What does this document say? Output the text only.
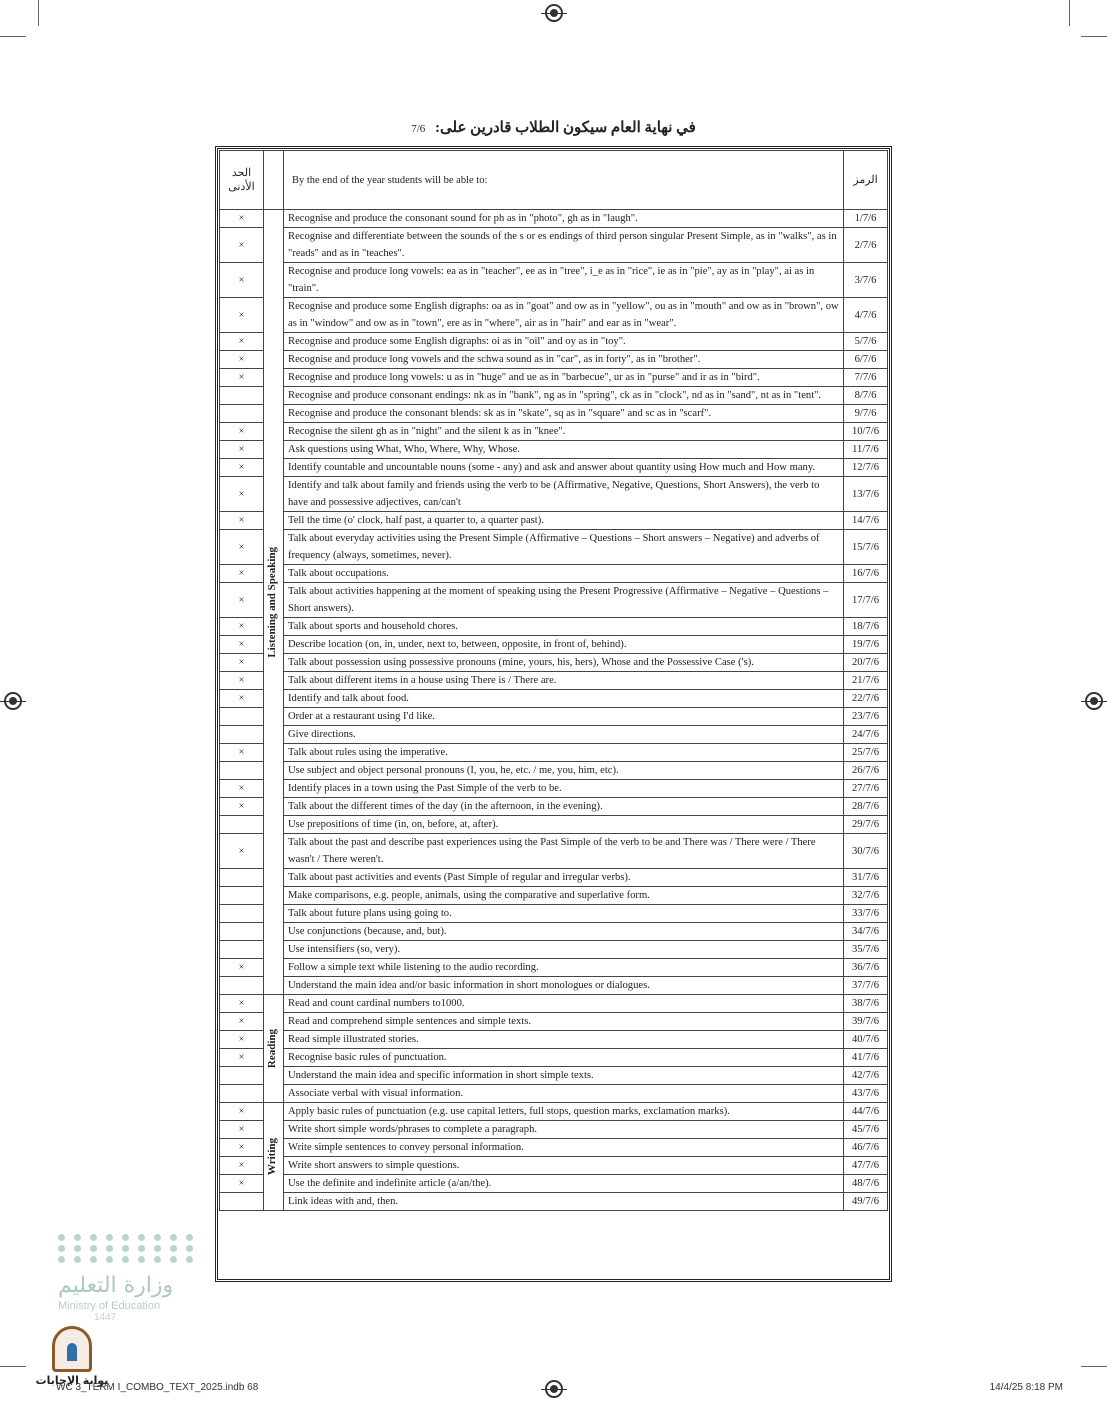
في نهاية العام سيكون الطلاب قادرين على: 7/6
الحد الأدنى		By the end of the year students will be able to:	الرمز
×	Listening and Speaking	Recognise and produce the consonant sound for ph as in "photo", gh as in "laugh".	1/7/6
×		Recognise and differentiate between the sounds of the s or es endings of third person singular Present Simple, as in "walks", as in "reads" and as in "teaches".	2/7/6
×		Recognise and produce long vowels: ea as in "teacher", ee as in "tree", i_e as in "rice", ie as in "pie", ay as in "play", ai as in "train".	3/7/6
×		Recognise and produce some English digraphs: oa as in "goat" and ow as in "yellow", ou as in "mouth" and ow as in "brown", ow as in "window" and ow as in "town", ere as in "where", air as in "hair" and ear as in "wear".	4/7/6
×		Recognise and produce some English digraphs: oi as in "oil" and oy as in "toy".	5/7/6
×		Recognise and produce long vowels and the schwa sound as in "car", as in forty", as in "brother".	6/7/6
×		Recognise and produce long vowels: u as in "huge" and ue as in "barbecue", ur as in "purse" and ir as in "bird".	7/7/6
		Recognise and produce consonant endings: nk as in "bank", ng as in "spring", ck as in "clock", nd as in "sand", nt as in "tent".	8/7/6
		Recognise and produce the consonant blends: sk as in "skate", sq as in "square" and sc as in "scarf".	9/7/6
×		Recognise the silent gh as in "night" and the silent k as in "knee".	10/7/6
×		Ask questions using What, Who, Where, Why, Whose.	11/7/6
×		Identify countable and uncountable nouns (some - any) and ask and answer about quantity using How much and How many.	12/7/6
×		Identify and talk about family and friends using the verb to be (Affirmative, Negative, Questions, Short Answers), the verb to have and possessive adjectives, can/can't	13/7/6
×		Tell the time (o' clock, half past, a quarter to, a quarter past).	14/7/6
×		Talk about everyday activities using the Present Simple (Affirmative – Questions – Short answers – Negative) and adverbs of frequency (always, sometimes, never).	15/7/6
×		Talk about occupations.	16/7/6
×		Talk about activities happening at the moment of speaking using the Present Progressive (Affirmative – Negative – Questions – Short answers).	17/7/6
×		Talk about sports and household chores.	18/7/6
×		Describe location (on, in, under, next to, between, opposite, in front of, behind).	19/7/6
×		Talk about possession using possessive pronouns (mine, yours, his, hers), Whose and the Possessive Case ('s).	20/7/6
×		Talk about different items in a house using There is / There are.	21/7/6
×		Identify and talk about food.	22/7/6
		Order at a restaurant using I'd like.	23/7/6
		Give directions.	24/7/6
×		Talk about rules using the imperative.	25/7/6
		Use subject and object personal pronouns (I, you, he, etc. / me, you, him, etc).	26/7/6
×		Identify places in a town using the Past Simple of the verb to be.	27/7/6
×		Talk about the different times of the day (in the afternoon, in the evening).	28/7/6
		Use prepositions of time (in, on, before, at, after).	29/7/6
×		Talk about the past and describe past experiences using the Past Simple of the verb to be and There was / There were / There wasn't / There weren't.	30/7/6
		Talk about past activities and events (Past Simple of regular and irregular verbs).	31/7/6
		Make comparisons, e.g. people, animals, using the comparative and superlative form.	32/7/6
		Talk about future plans using going to.	33/7/6
		Use conjunctions (because, and, but).	34/7/6
		Use intensifiers (so, very).	35/7/6
×		Follow a simple text while listening to the audio recording.	36/7/6
		Understand the main idea and/or basic information in short monologues or dialogues.	37/7/6
×	Reading	Read and count cardinal numbers to1000.	38/7/6
×		Read and comprehend simple sentences and simple texts.	39/7/6
×		Read simple illustrated stories.	40/7/6
×		Recognise basic rules of punctuation.	41/7/6
		Understand the main idea and specific information in short simple texts.	42/7/6
		Associate verbal with visual information.	43/7/6
×	Writing	Apply basic rules of punctuation (e.g. use capital letters, full stops, question marks, exclamation marks).	44/7/6
×		Write short simple words/phrases to complete a paragraph.	45/7/6
×		Write simple sentences to convey personal information.	46/7/6
×		Write short answers to simple questions.	47/7/6
×		Use the definite and indefinite article (a/an/the).	48/7/6
		Link ideas with and, then.	49/7/6
وزارة التعليم
Ministry of Education
1447
بوابة الإجابات
WC 3_TERM I_COMBO_TEXT_2025.indb 68	14/4/25 8:18 PM
